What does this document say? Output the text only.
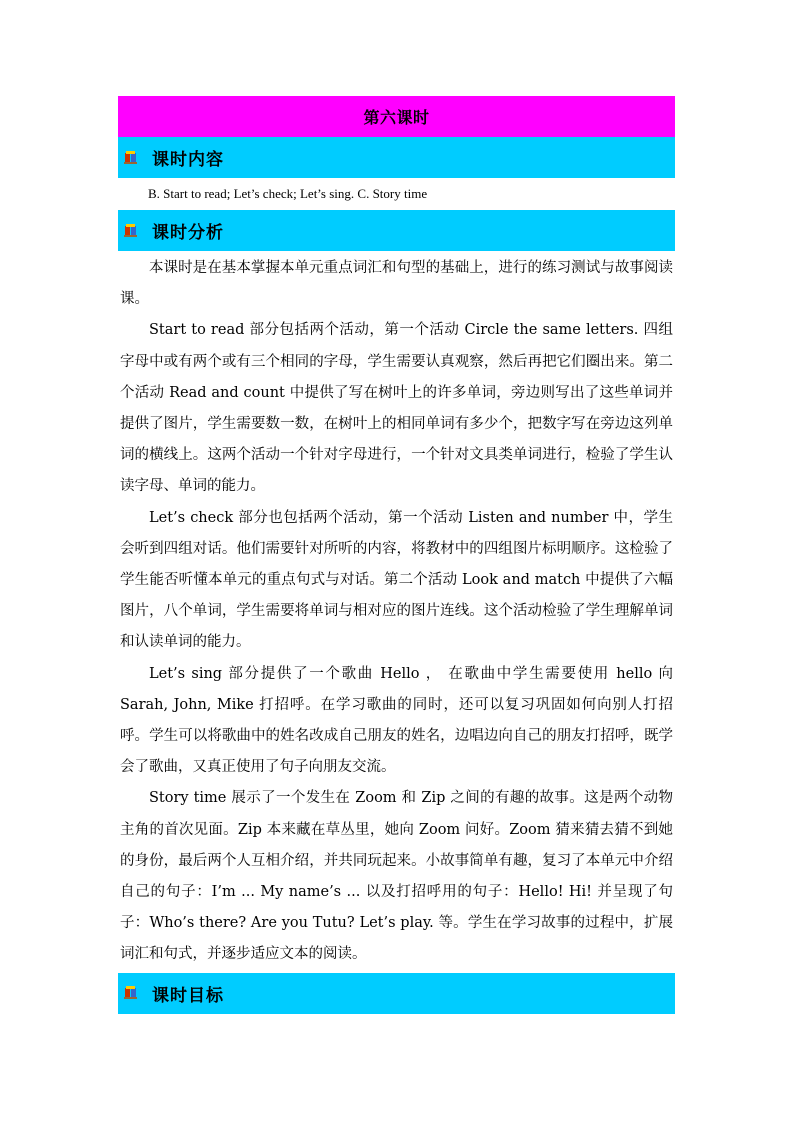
第六课时
课时内容
B. Start to read; Let’s check; Let’s sing. C. Story time
课时分析

本课时是在基本掌握本单元重点词汇和句型的基础上，进行的练习测试与故事阅读课。

Start to read 部分包括两个活动，第一个活动 Circle the same letters. 四组字母中或有两个或有三个相同的字母，学生需要认真观察，然后再把它们圈出来。第二个活动 Read and count 中提供了写在树叶上的许多单词，旁边则写出了这些单词并提供了图片，学生需要数一数，在树叶上的相同单词有多少个，把数字写在旁边这列单词的横线上。这两个活动一个针对字母进行，一个针对文具类单词进行，检验了学生认读字母、单词的能力。

Let’s check 部分也包括两个活动，第一个活动 Listen and number 中，学生会听到四组对话。他们需要针对所听的内容，将教材中的四组图片标明顺序。这检验了学生能否听懂本单元的重点句式与对话。第二个活动 Look and match 中提供了六幅图片，八个单词，学生需要将单词与相对应的图片连线。这个活动检验了学生理解单词和认读单词的能力。

Let’s sing 部分提供了一个歌曲 Hello ， 在歌曲中学生需要使用 hello 向 Sarah, John, Mike 打招呼。在学习歌曲的同时，还可以复习巩固如何向别人打招呼。学生可以将歌曲中的姓名改成自己朋友的姓名，边唱边向自己的朋友打招呼，既学会了歌曲，又真正使用了句子向朋友交流。

Story time 展示了一个发生在 Zoom 和 Zip 之间的有趣的故事。这是两个动物主角的首次见面。Zip 本来藏在草丛里，她向 Zoom 问好。Zoom 猜来猜去猜不到她的身份，最后两个人互相介绍，并共同玩起来。小故事简单有趣，复习了本单元中介绍自己的句子：I’m ... My name’s ... 以及打招呼用的句子：Hello! Hi! 并呈现了句子：Who’s there? Are you Tutu? Let’s play. 等。学生在学习故事的过程中，扩展词汇和句式，并逐步适应文本的阅读。

课时目标
